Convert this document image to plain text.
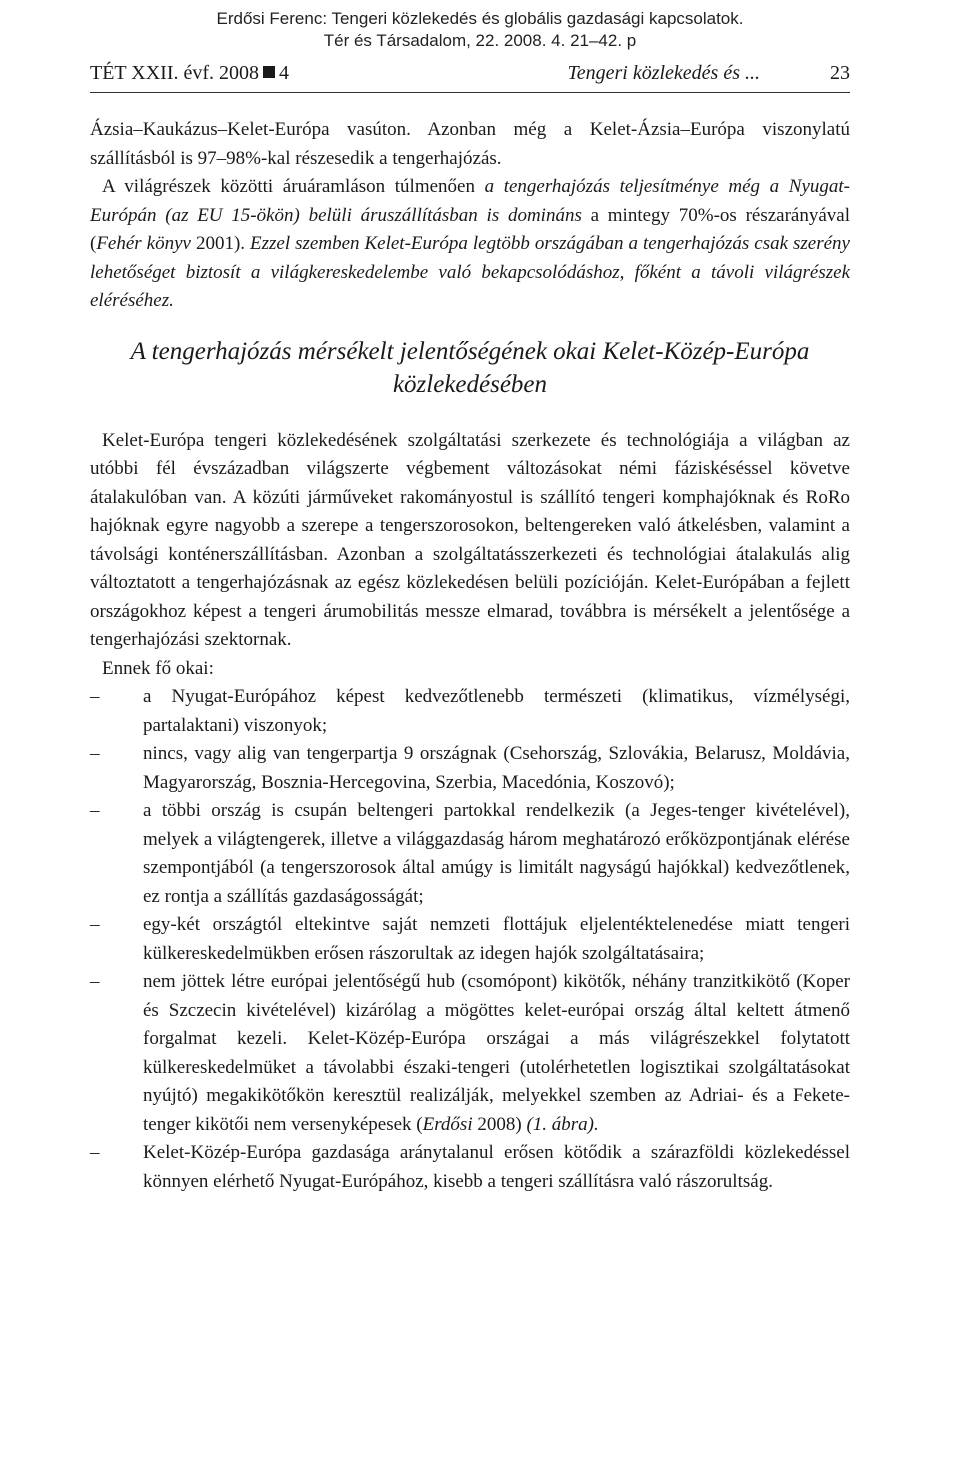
Erdősi Ferenc: Tengeri közlekedés és globális gazdasági kapcsolatok.
Tér és Társadalom, 22. 2008. 4. 21–42. p
TÉT XXII. évf. 2008 4	Tengeri közlekedés és ...	23

Ázsia–Kaukázus–Kelet-Európa vasúton. Azonban még a Kelet-Ázsia–Európa viszonylatú szállításból is 97–98%-kal részesedik a tengerhajózás.

A világrészek közötti áruáramláson túlmenően a tengerhajózás teljesítménye még a Nyugat-Európán (az EU 15-ökön) belüli áruszállításban is domináns a mintegy 70%-os részarányával (Fehér könyv 2001). Ezzel szemben Kelet-Európa legtöbb országában a tengerhajózás csak szerény lehetőséget biztosít a világkereskedelembe való bekapcsolódáshoz, főként a távoli világrészek eléréséhez.

A tengerhajózás mérsékelt jelentőségének okai Kelet-Közép-Európa közlekedésében

Kelet-Európa tengeri közlekedésének szolgáltatási szerkezete és technológiája a világban az utóbbi fél évszázadban világszerte végbement változásokat némi fáziskéséssel követve átalakulóban van. A közúti járműveket rakományostul is szállító tengeri komphajóknak és RoRo hajóknak egyre nagyobb a szerepe a tengerszorosokon, beltengereken való átkelésben, valamint a távolsági konténerszállításban. Azonban a szolgáltatásszerkezeti és technológiai átalakulás alig változtatott a tengerhajózásnak az egész közlekedésen belüli pozícióján. Kelet-Európában a fejlett országokhoz képest a tengeri árumobilitás messze elmarad, továbbra is mérsékelt a jelentősége a tengerhajózási szektornak.

Ennek fő okai:

– a Nyugat-Európához képest kedvezőtlenebb természeti (klimatikus, vízmélységi, partalaktani) viszonyok;
– nincs, vagy alig van tengerpartja 9 országnak (Csehország, Szlovákia, Belarusz, Moldávia, Magyarország, Bosznia-Hercegovina, Szerbia, Macedónia, Koszovó);
– a többi ország is csupán beltengeri partokkal rendelkezik (a Jeges-tenger kivételével), melyek a világtengerek, illetve a világgazdaság három meghatározó erőközpontjának elérése szempontjából (a tengerszorosok által amúgy is limitált nagyságú hajókkal) kedvezőtlenek, ez rontja a szállítás gazdaságosságát;
– egy-két országtól eltekintve saját nemzeti flottájuk eljelentéktelenedése miatt tengeri külkereskedelmükben erősen rászorultak az idegen hajók szolgáltatásaira;
– nem jöttek létre európai jelentőségű hub (csomópont) kikötők, néhány tranzitkikötő (Koper és Szczecin kivételével) kizárólag a mögöttes kelet-európai ország által keltett átmenő forgalmat kezeli. Kelet-Közép-Európa országai a más világrészekkel folytatott külkereskedelmüket a távolabbi északi-tengeri (utolérhetetlen logisztikai szolgáltatásokat nyújtó) megakikötőkön keresztül realizálják, melyekkel szemben az Adriai- és a Fekete-tenger kikötői nem versenyképesek (Erdősi 2008) (1. ábra).
– Kelet-Közép-Európa gazdasága aránytalanul erősen kötődik a szárazföldi közlekedéssel könnyen elérhető Nyugat-Európához, kisebb a tengeri szállításra való rászorultság.
